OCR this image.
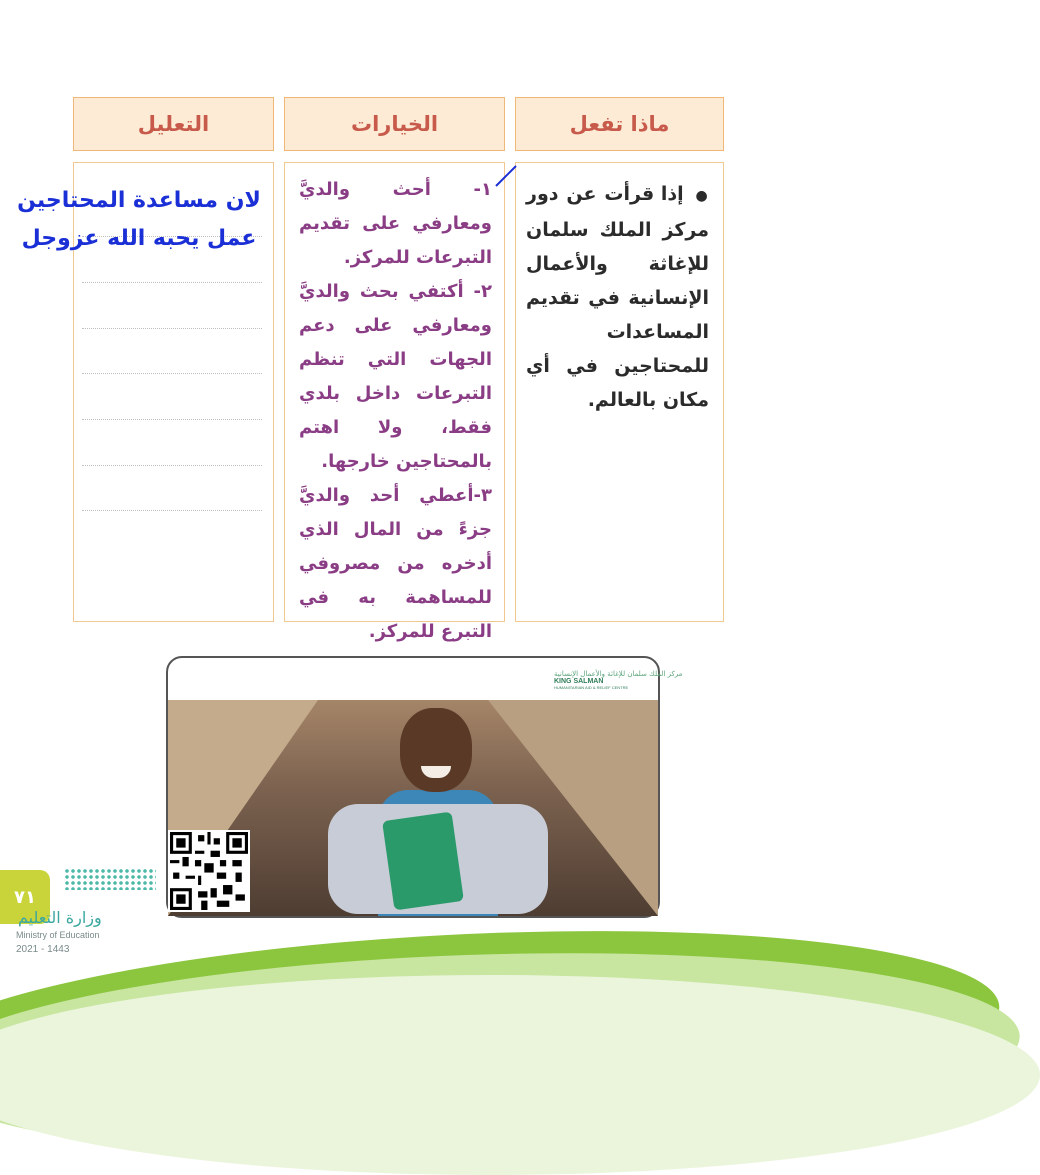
ماذا تفعل
الخيارات
التعليل
● إذا قرأت عن دور مركز الملك سلمان للإغاثة والأعمال الإنسانية في تقديم المساعدات للمحتاجين في أي مكان بالعالم.
١- أحث والديَّ ومعارفي على تقديم التبرعات للمركز.
٢- أكتفي بحث والديَّ ومعارفي على دعم الجهات التي تنظم التبرعات داخل بلدي فقط، ولا اهتم بالمحتاجين خارجها.
٣-أعطي أحد والديَّ جزءً من المال الذي أدخره من مصروفي للمساهمة به في التبرع للمركز.
لان مساعدة المحتاجين
عمل يحبه الله عزوجل
مركز الملك سلمان للإغاثة والأعمال الإنسانية
KING SALMAN
HUMANITARIAN AID & RELIEF CENTRE
٧١
وزارة التعليم
Ministry of Education
2021 - 1443
